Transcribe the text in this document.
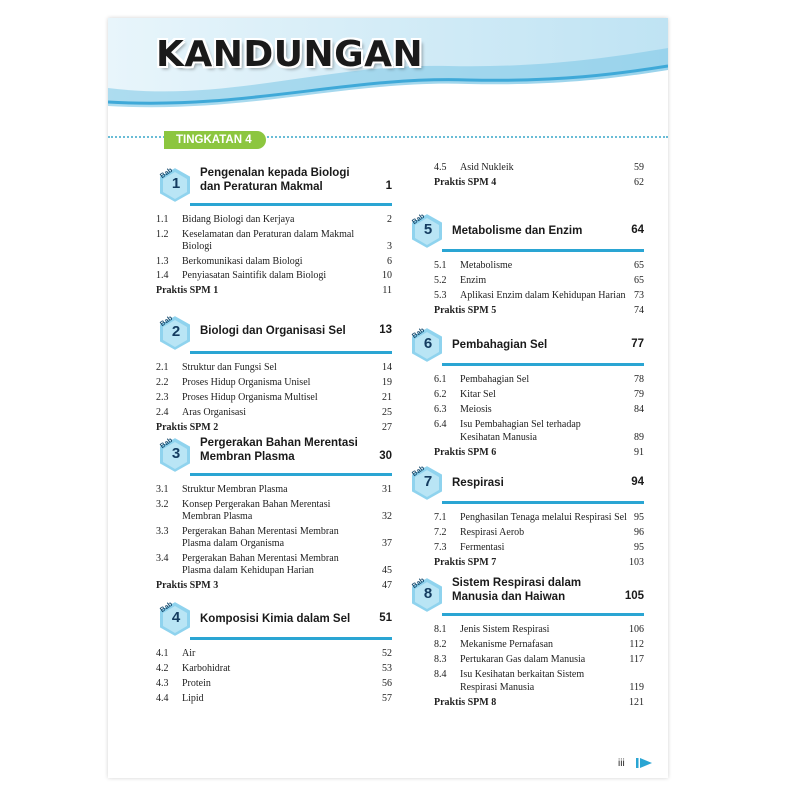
KANDUNGAN
TINGKATAN 4
Bab
1
Pengenalan kepada Biologi dan Peraturan Makmal	1
1.1 Bidang Biologi dan Kerjaya	2
1.2 Keselamatan dan Peraturan dalam Makmal Biologi	3
1.3 Berkomunikasi dalam Biologi	6
1.4 Penyiasatan Saintifik dalam Biologi	10
Praktis SPM 1	11
Bab
2	Biologi dan Organisasi Sel	13
2.1 Struktur dan Fungsi Sel	14
2.2 Proses Hidup Organisma Unisel	19
2.3 Proses Hidup Organisma Multisel	21
2.4 Aras Organisasi	25
Praktis SPM 2	27
Bab
3
Pergerakan Bahan Merentasi Membran Plasma	30
3.1 Struktur Membran Plasma	31
3.2 Konsep Pergerakan Bahan Merentasi Membran Plasma	32
3.3 Pergerakan Bahan Merentasi Membran Plasma dalam Organisma	37
3.4 Pergerakan Bahan Merentasi Membran Plasma dalam Kehidupan Harian	45
Praktis SPM 3	47
Bab
4	Komposisi Kimia dalam Sel	51
4.1 Air	52
4.2 Karbohidrat	53
4.3 Protein	56
4.4 Lipid	57
4.5 Asid Nukleik	59
Praktis SPM 4	62
Bab
5	Metabolisme dan Enzim	64
5.1 Metabolisme	65
5.2 Enzim	65
5.3 Aplikasi Enzim dalam Kehidupan Harian 73
Praktis SPM 5	74
Bab
6	Pembahagian Sel	77
6.1 Pembahagian Sel	78
6.2 Kitar Sel	79
6.3 Meiosis	84
6.4 Isu Pembahagian Sel terhadap Kesihatan Manusia	89
Praktis SPM 6	91
Bab
7	Respirasi	94
7.1 Penghasilan Tenaga melalui Respirasi Sel 95
7.2 Respirasi Aerob	96
7.3 Fermentasi	95
Praktis SPM 7	103
Bab
8
Sistem Respirasi dalam Manusia dan Haiwan	105
8.1 Jenis Sistem Respirasi	106
8.2 Mekanisme Pernafasan	112
8.3 Pertukaran Gas dalam Manusia	117
8.4 Isu Kesihatan berkaitan Sistem Respirasi Manusia	119
Praktis SPM 8	121
iii
